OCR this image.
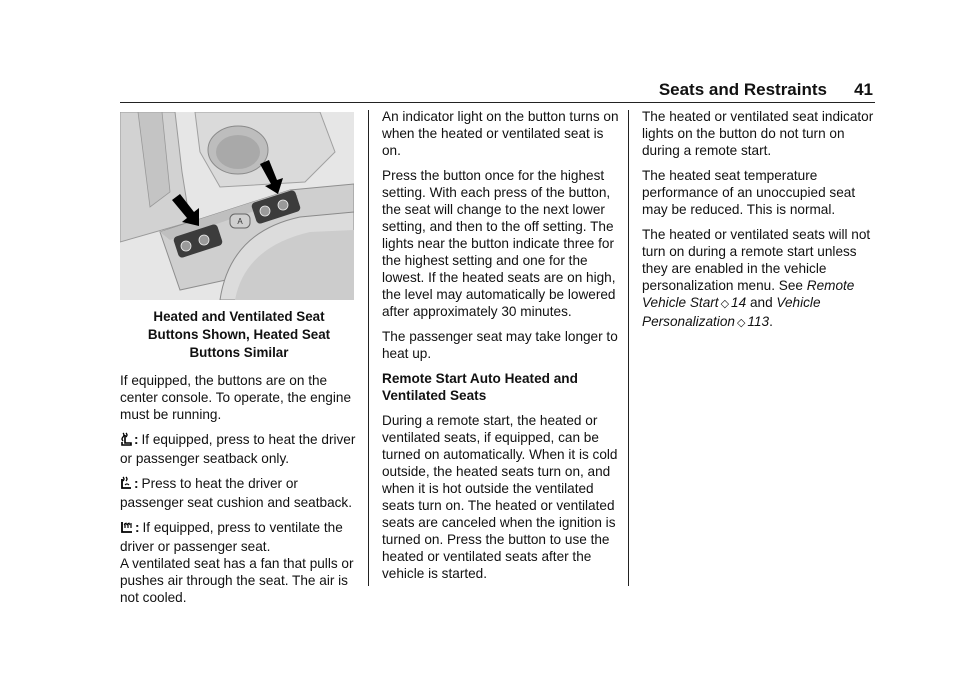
Seats and Restraints 41
A
Heated and Ventilated Seat
Buttons Shown, Heated Seat
Buttons Similar

If equipped, the buttons are on the center console. To operate, the engine must be running.

: If equipped, press to heat the driver or passenger seatback only.

: Press to heat the driver or passenger seat cushion and seatback.

: If equipped, press to ventilate the driver or passenger seat.

A ventilated seat has a fan that pulls or pushes air through the seat. The air is not cooled.

An indicator light on the button turns on when the heated or ventilated seat is on.

Press the button once for the highest setting. With each press of the button, the seat will change to the next lower setting, and then to the off setting. The lights near the button indicate three for the highest setting and one for the lowest. If the heated seats are on high, the level may automatically be lowered after approximately 30 minutes.

The passenger seat may take longer to heat up.

Remote Start Auto Heated and Ventilated Seats

During a remote start, the heated or ventilated seats, if equipped, can be turned on automatically. When it is cold outside, the heated seats turn on, and when it is hot outside the ventilated seats turn on. The heated or ventilated seats are canceled when the ignition is turned on. Press the button to use the heated or ventilated seats after the vehicle is started.

The heated or ventilated seat indicator lights on the button do not turn on during a remote start.

The heated seat temperature performance of an unoccupied seat may be reduced. This is normal.

The heated or ventilated seats will not turn on during a remote start unless they are enabled in the vehicle personalization menu. See Remote Vehicle Start ◇ 14 and Vehicle Personalization ◇ 113.
